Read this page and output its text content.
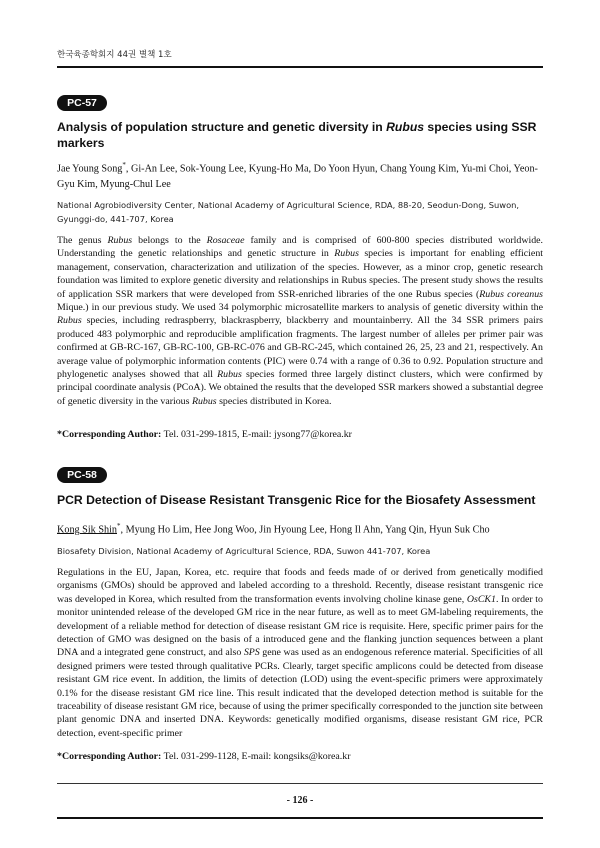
한국육종학회지 44권 별책 1호
PC-57
Analysis of population structure and genetic diversity in Rubus species using SSR markers
Jae Young Song*, Gi-An Lee, Sok-Young Lee, Kyung-Ho Ma, Do Yoon Hyun, Chang Young Kim, Yu-mi Choi, Yeon-Gyu Kim, Myung-Chul Lee
National Agrobiodiversity Center, National Academy of Agricultural Science, RDA, 88-20, Seodun-Dong, Suwon, Gyunggi-do, 441-707, Korea
The genus Rubus belongs to the Rosaceae family and is comprised of 600-800 species distributed worldwide. Understanding the genetic relationships and genetic structure in Rubus species is important for enabling efficient management, conservation, characterization and utilization of the species. However, as a minor crop, genetic research foundation was limited to explore genetic diversity and relationships in Rubus species. The present study shows the results of application SSR markers that were developed from SSR-enriched libraries of the one Rubus species (Rubus coreanus Mique.) in our previous study. We used 34 polymorphic microsatellite markers to analysis of genetic diversity within the Rubus species, including redraspberry, blackraspberry, blackberry and mountainberry. All the 34 SSR primers pairs produced 483 polymorphic and reproducible amplification fragments. The largest number of alleles per primer pair was confirmed at GB-RC-167, GB-RC-100, GB-RC-076 and GB-RC-245, which contained 26, 25, 23 and 21, respectively. An average value of polymorphic information contents (PIC) were 0.74 with a range of 0.36 to 0.92. Population structure and phylogenetic analyses showed that all Rubus species formed three largely distinct clusters, which were confirmed by principal coordinate analysis (PCoA). We obtained the results that the developed SSR markers showed a substantial degree of genetic diversity in the various Rubus species distributed in Korea.
*Corresponding Author: Tel. 031-299-1815, E-mail: jysong77@korea.kr
PC-58
PCR Detection of Disease Resistant Transgenic Rice for the Biosafety Assessment
Kong Sik Shin*, Myung Ho Lim, Hee Jong Woo, Jin Hyoung Lee, Hong Il Ahn, Yang Qin, Hyun Suk Cho
Biosafety Division, National Academy of Agricultural Science, RDA, Suwon 441-707, Korea
Regulations in the EU, Japan, Korea, etc. require that foods and feeds made of or derived from genetically modified organisms (GMOs) should be approved and labeled according to a threshold. Recently, disease resistant transgenic rice was developed in Korea, which resulted from the transformation events involving choline kinase gene, OsCK1. In order to monitor unintended release of the developed GM rice in the near future, as well as to meet GM-labeling requirements, the development of a reliable method for detection of disease resistant GM rice is requisite. Here, specific primer pairs for the detection of GMO was designed on the basis of a introduced gene and the flanking junction sequences between a plant DNA and a integrated gene construct, and also SPS gene was used as an endogenous reference material. Specificities of all designed primers were tested through qualitative PCRs. Clearly, target specific amplicons could be detected from disease resistant GM rice event. In addition, the limits of detection (LOD) using the event-specific primers were approximately 0.1% for the disease resistant GM rice line. This result indicated that the developed detection method is suitable for the traceability of disease resistant GM rice, because of using the primer specifically corresponded to the junction site between plant genomic DNA and inserted DNA. Keywords: genetically modified organisms, disease resistant GM rice, PCR detection, event-specific primer
*Corresponding Author: Tel. 031-299-1128, E-mail: kongsiks@korea.kr
- 126 -
